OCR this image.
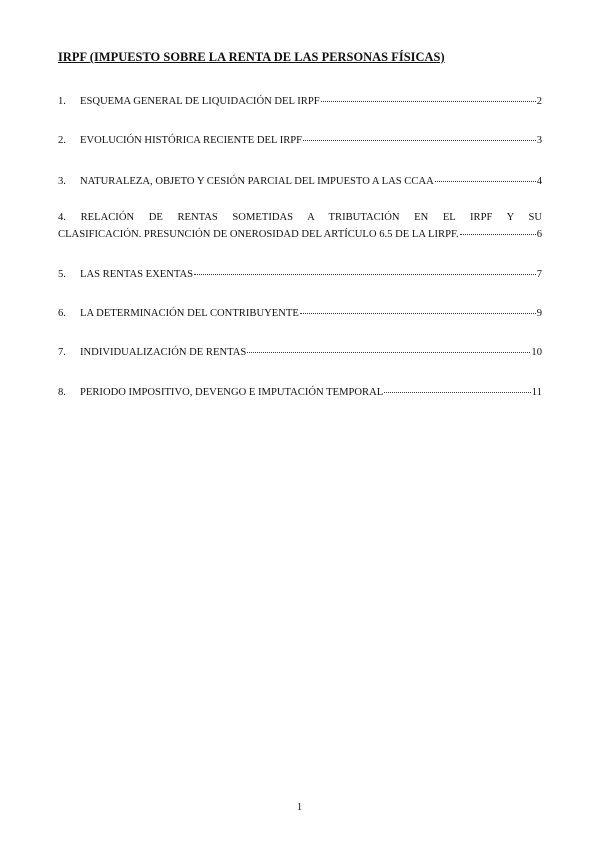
IRPF (IMPUESTO SOBRE LA RENTA DE LAS PERSONAS FÍSICAS)
1.	ESQUEMA GENERAL DE LIQUIDACIÓN DEL IRPF	2
2.	EVOLUCIÓN HISTÓRICA RECIENTE DEL IRPF	3
3.	NATURALEZA, OBJETO Y CESIÓN PARCIAL DEL IMPUESTO A LAS CCAA	4
4. RELACIÓN DE RENTAS SOMETIDAS A TRIBUTACIÓN EN EL IRPF Y SU
CLASIFICACIÓN. PRESUNCIÓN DE ONEROSIDAD DEL ARTÍCULO 6.5 DE LA LIRPF.	6
5.	LAS RENTAS EXENTAS	7
6.	LA DETERMINACIÓN DEL CONTRIBUYENTE	9
7.	INDIVIDUALIZACIÓN DE RENTAS	10
8.	PERIODO IMPOSITIVO, DEVENGO E IMPUTACIÓN TEMPORAL	11
1
